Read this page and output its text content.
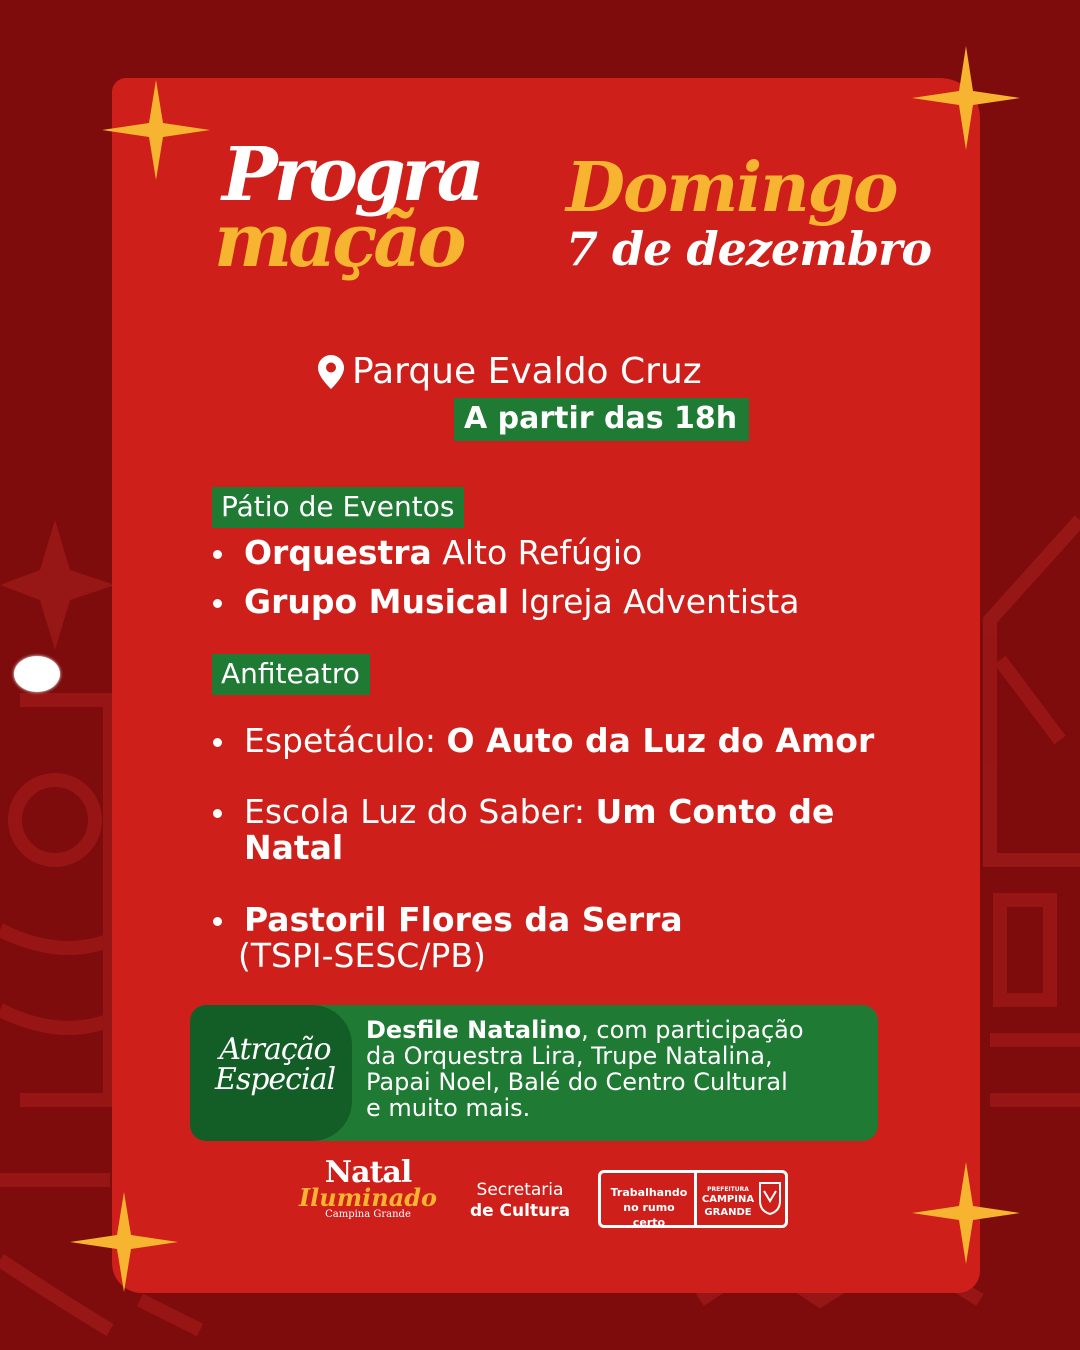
Progra
mação
Domingo
7 de dezembro
Parque Evaldo Cruz
A partir das 18h
Pátio de Eventos
Orquestra Alto Refúgio
Grupo Musical Igreja Adventista
Anfiteatro
Espetáculo: O Auto da Luz do Amor
Escola Luz do Saber: Um Conto de
Natal
Pastoril Flores da Serra
(TSPI-SESC/PB)
Atração
Especial
Desfile Natalino, com participação
da Orquestra Lira, Trupe Natalina,
Papai Noel, Balé do Centro Cultural
e muito mais.
Natal
Iluminado
Campina Grande
Secretaria
de Cultura
Trabalhando
no rumo certo
PREFEITURA
CAMPINA
GRANDE
